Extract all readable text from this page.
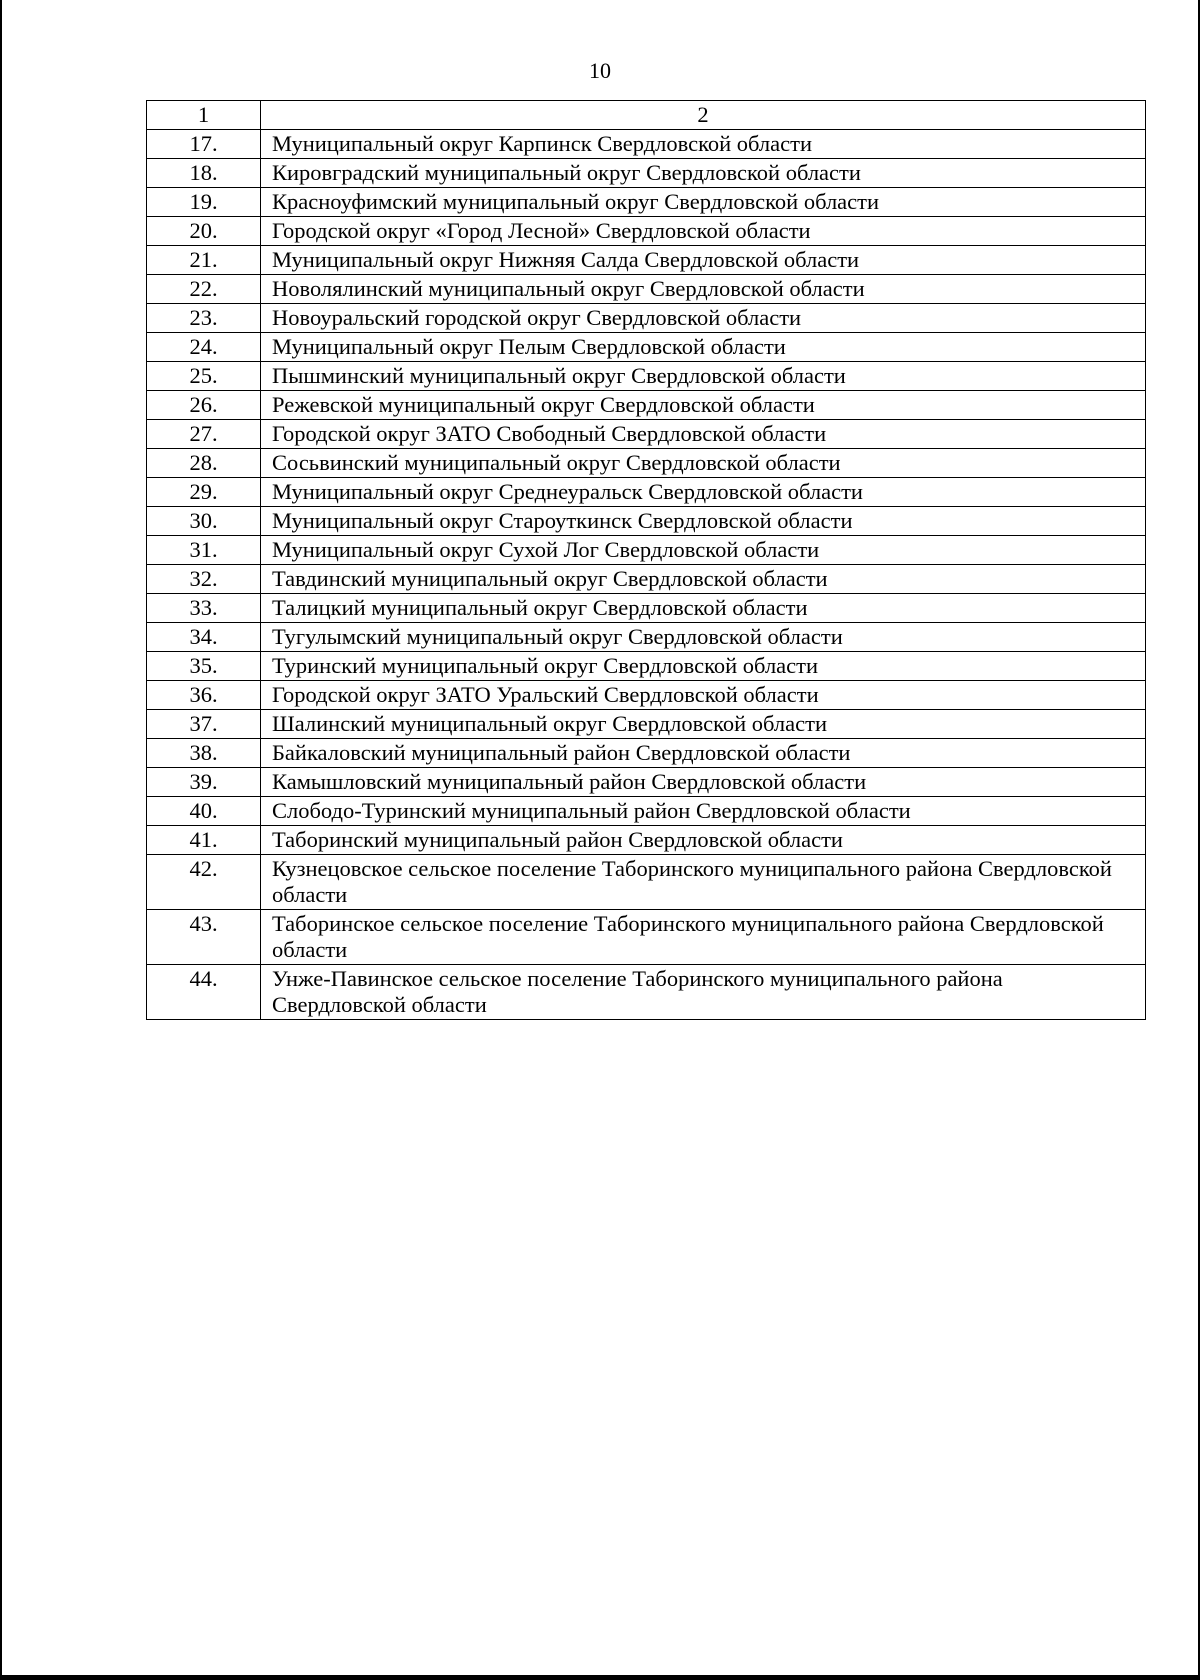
10
1	2
17.	Муниципальный округ Карпинск Свердловской области
18.	Кировградский муниципальный округ Свердловской области
19.	Красноуфимский муниципальный округ Свердловской области
20.	Городской округ «Город Лесной» Свердловской области
21.	Муниципальный округ Нижняя Салда Свердловской области
22.	Новолялинский муниципальный округ Свердловской области
23.	Новоуральский городской округ Свердловской области
24.	Муниципальный округ Пелым Свердловской области
25.	Пышминский муниципальный округ Свердловской области
26.	Режевской муниципальный округ Свердловской области
27.	Городской округ ЗАТО Свободный Свердловской области
28.	Сосьвинский муниципальный округ Свердловской области
29.	Муниципальный округ Среднеуральск Свердловской области
30.	Муниципальный округ Староуткинск Свердловской области
31.	Муниципальный округ Сухой Лог Свердловской области
32.	Тавдинский муниципальный округ Свердловской области
33.	Талицкий муниципальный округ Свердловской области
34.	Тугулымский муниципальный округ Свердловской области
35.	Туринский муниципальный округ Свердловской области
36.	Городской округ ЗАТО Уральский Свердловской области
37.	Шалинский муниципальный округ Свердловской области
38.	Байкаловский муниципальный район Свердловской области
39.	Камышловский муниципальный район Свердловской области
40.	Слободо-Туринский муниципальный район Свердловской области
41.	Таборинский муниципальный район Свердловской области
42.	Кузнецовское сельское поселение Таборинского муниципального района Свердловской области
43.	Таборинское сельское поселение Таборинского муниципального района Свердловской области
44.	Унже-Павинское сельское поселение Таборинского муниципального района Свердловской области
